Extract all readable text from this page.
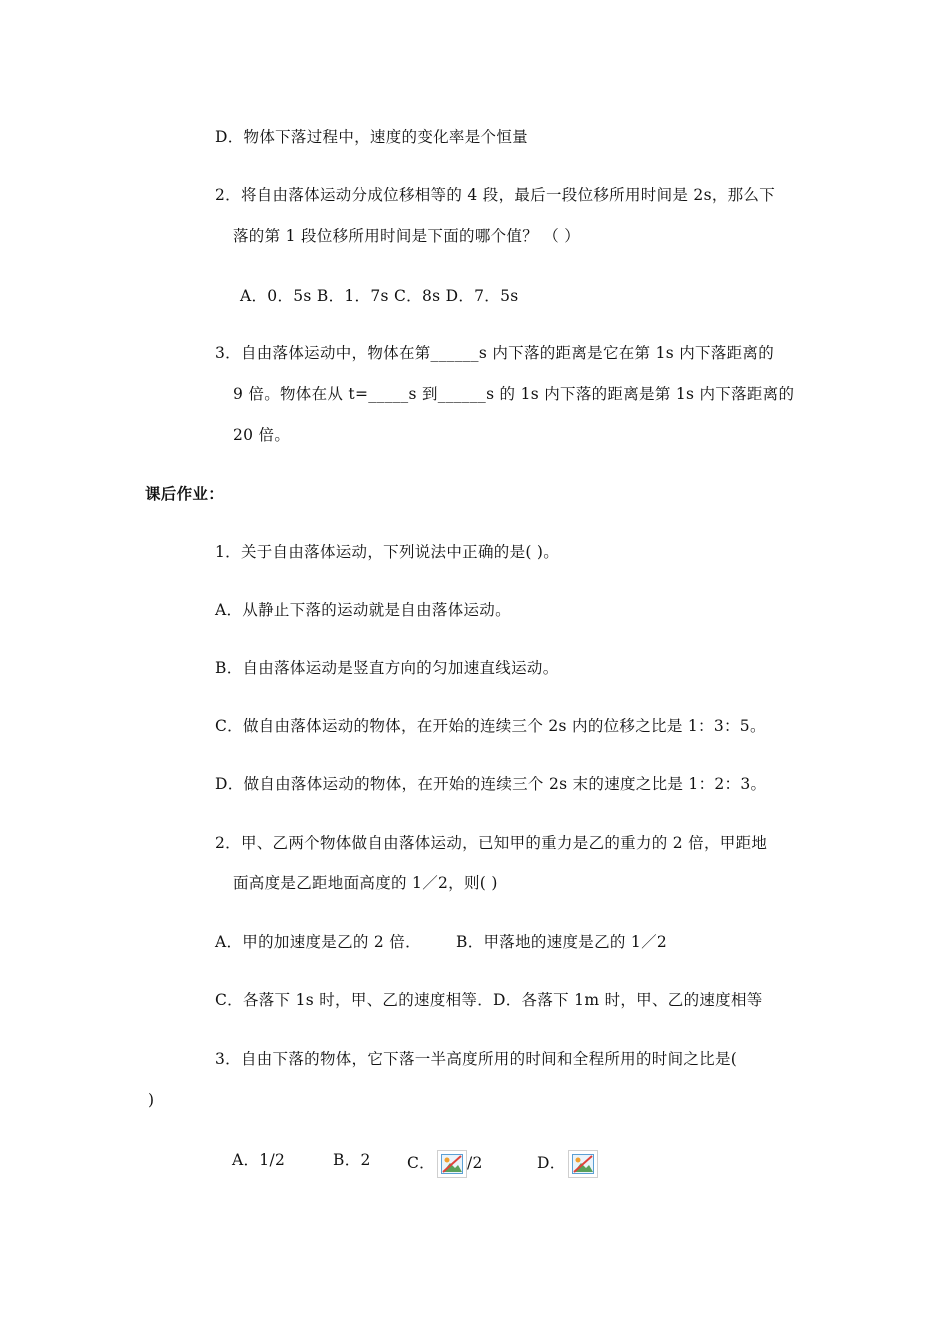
D．物体下落过程中，速度的变化率是个恒量
2．将自由落体运动分成位移相等的 4 段，最后一段位移所用时间是 2s，那么下
落的第 1 段位移所用时间是下面的哪个值？ （ ）
A．0．5s B．1．7s C．8s D．7．5s
3．自由落体运动中，物体在第______s 内下落的距离是它在第 1s 内下落距离的
9 倍。物体在从 t=_____s 到______s 的 1s 内下落的距离是第 1s 内下落距离的
20 倍。
课后作业：
1．关于自由落体运动，下列说法中正确的是( )。
A．从静止下落的运动就是自由落体运动。
B．自由落体运动是竖直方向的匀加速直线运动。
C．做自由落体运动的物体，在开始的连续三个 2s 内的位移之比是 1：3：5。
D．做自由落体运动的物体，在开始的连续三个 2s 末的速度之比是 1：2：3。
2．甲、乙两个物体做自由落体运动，已知甲的重力是乙的重力的 2 倍，甲距地
面高度是乙距地面高度的 1／2，则( )
A．甲的加速度是乙的 2 倍． B．甲落地的速度是乙的 1／2
C．各落下 1s 时，甲、乙的速度相等．D．各落下 1m 时，甲、乙的速度相等
3．自由下落的物体，它下落一半高度所用的时间和全程所用的时间之比是(
)
A．1/2	B．2 C． /2	D．
